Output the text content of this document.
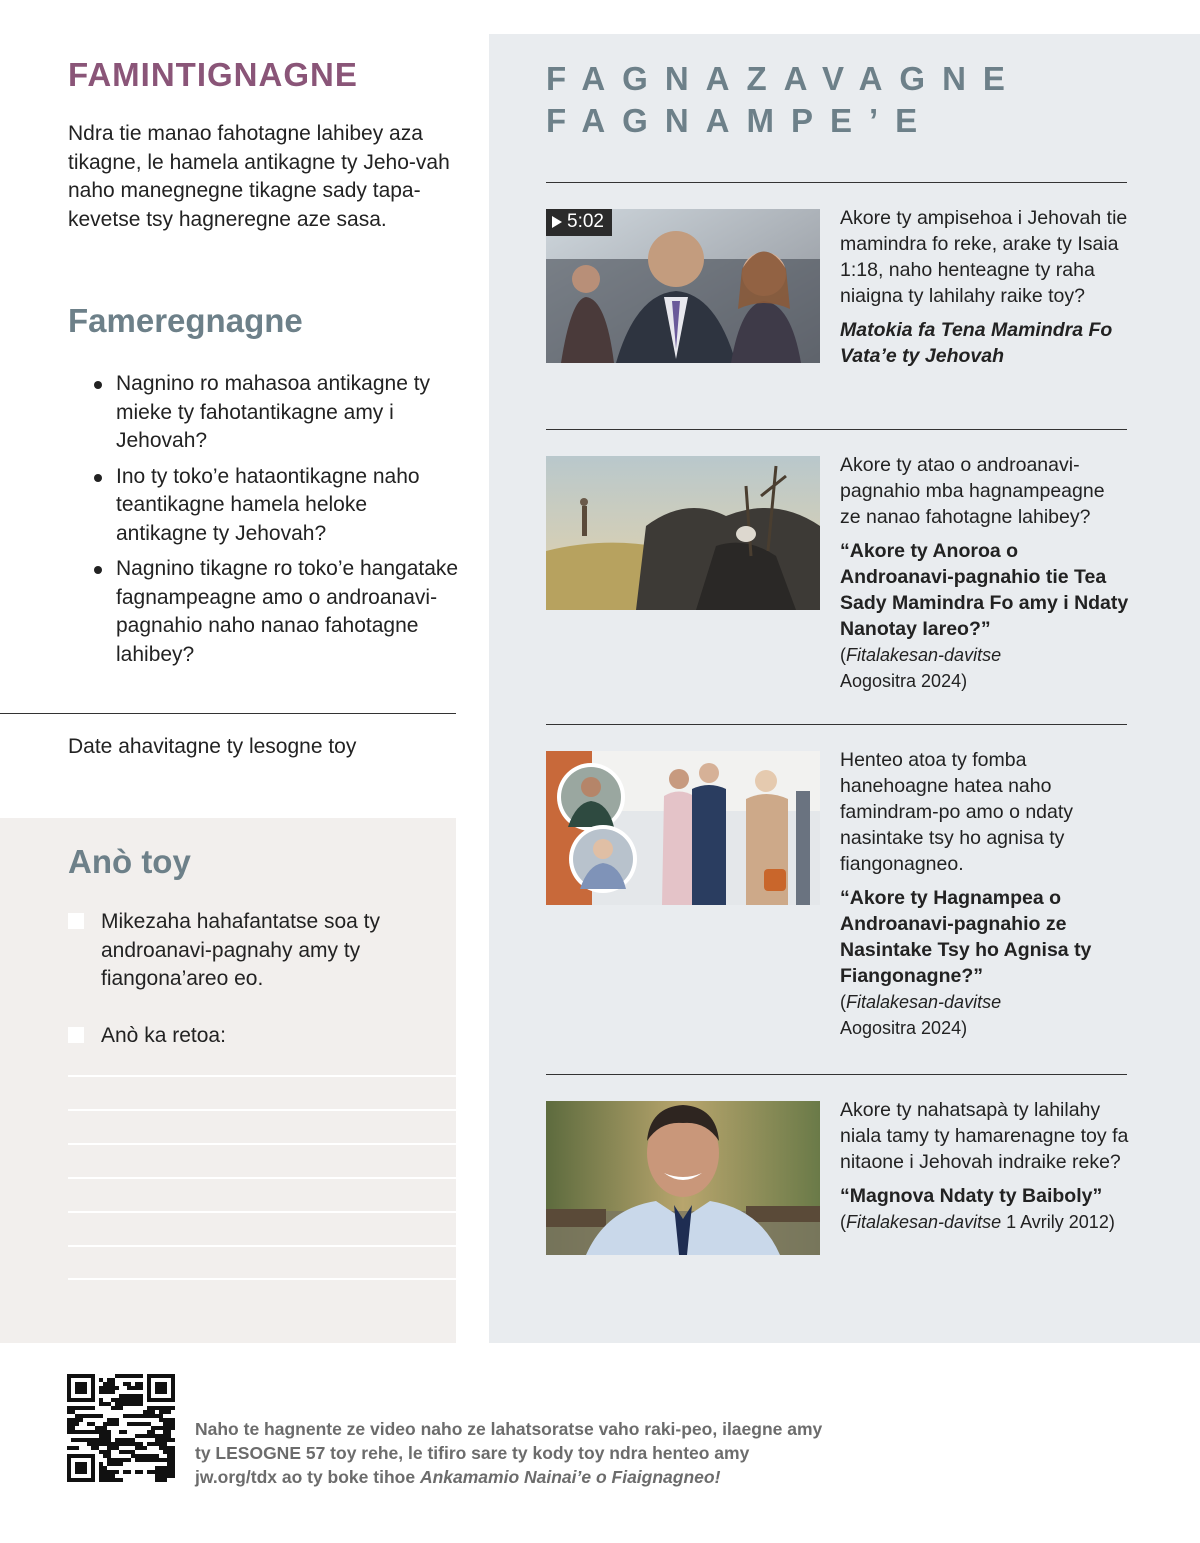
FAMINTIGNAGNE

Ndra tie manao fahotagne lahibey aza tikagne, le hamela antikagne ty Jeho-vah naho manegnegne tikagne sady tapa-kevetse tsy hagneregne aze sasa.

Fameregnagne
Nagnino ro mahasoa antikagne ty mieke ty fahotantikagne amy i Jehovah?
Ino ty toko’e hataontikagne naho teantikagne hamela heloke antikagne ty Jehovah?
Nagnino tikagne ro toko’e hangatake fagnampeagne amo o androanavi-pagnahio naho nanao fahotagne lahibey?

Date ahavitagne ty lesogne toy

Anò toy
Mikezaha hahafantatse soa ty androanavi-pagnahy amy ty fiangona’areo eo.
Anò ka retoa:
FAGNAZAVAGNE
FAGNAMPE’E
5:02	Akore ty ampisehoa i Jehovah tie mamindra fo reke, arake ty Isaia 1:18, naho henteagne ty raha niaigna ty lahilahy raike toy?

Matokia fa Tena Mamindra Fo Vata’e ty Jehovah

Akore ty atao o androanavi-pagnahio mba hagnampeagne ze nanao fahotagne lahibey?

“Akore ty Anoroa o Androanavi-pagnahio tie Tea Sady Mamindra Fo amy i Ndaty Nanotay Iareo?”

(Fitalakesan-davitse
Aogositra 2024)

Henteo atoa ty fomba hanehoagne hatea naho famindram-po amo o ndaty nasintake tsy ho agnisa ty fiangonagneo.

“Akore ty Hagnampea o Androanavi-pagnahio ze Nasintake Tsy ho Agnisa ty Fiangonagne?”

(Fitalakesan-davitse
Aogositra 2024)

Akore ty nahatsapà ty lahilahy niala tamy ty hamarenagne toy fa nitaone i Jehovah indraike reke?

“Magnova Ndaty ty Baiboly”

(Fitalakesan-davitse 1 Avrily 2012)

Naho te hagnente ze video naho ze lahatsoratse vaho raki-peo, ilaegne amy ty LESOGNE 57 toy rehe, le tifiro sare ty kody toy ndra henteo amy jw.org/tdx ao ty boke tihoe Ankamamio Nainai’e o Fiaignagneo!
